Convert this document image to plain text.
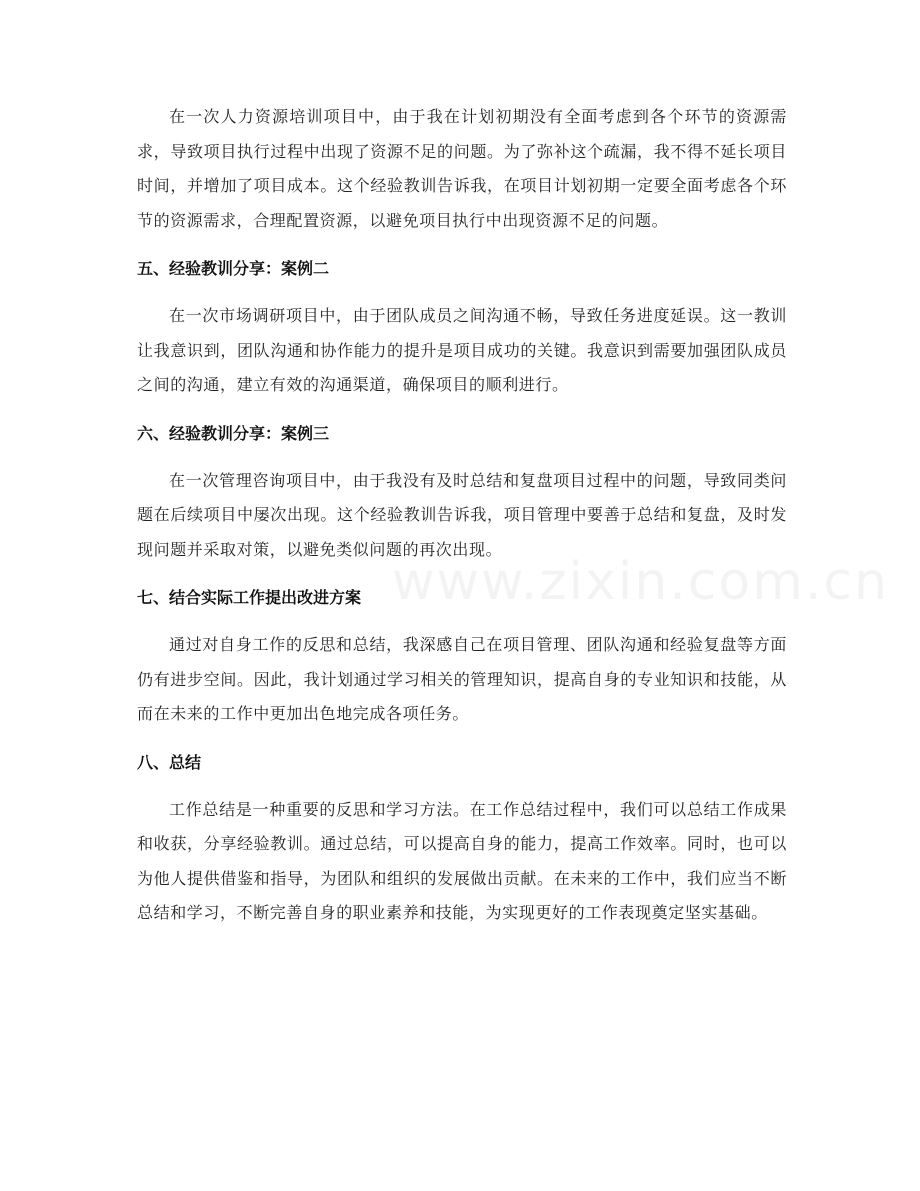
在一次人力资源培训项目中，由于我在计划初期没有全面考虑到各个环节的资源需求，导致项目执行过程中出现了资源不足的问题。为了弥补这个疏漏，我不得不延长项目时间，并增加了项目成本。这个经验教训告诉我，在项目计划初期一定要全面考虑各个环节的资源需求，合理配置资源，以避免项目执行中出现资源不足的问题。

五、经验教训分享：案例二

在一次市场调研项目中，由于团队成员之间沟通不畅，导致任务进度延误。这一教训让我意识到，团队沟通和协作能力的提升是项目成功的关键。我意识到需要加强团队成员之间的沟通，建立有效的沟通渠道，确保项目的顺利进行。

六、经验教训分享：案例三

在一次管理咨询项目中，由于我没有及时总结和复盘项目过程中的问题，导致同类问题在后续项目中屡次出现。这个经验教训告诉我，项目管理中要善于总结和复盘，及时发现问题并采取对策，以避免类似问题的再次出现。

七、结合实际工作提出改进方案

通过对自身工作的反思和总结，我深感自己在项目管理、团队沟通和经验复盘等方面仍有进步空间。因此，我计划通过学习相关的管理知识，提高自身的专业知识和技能，从而在未来的工作中更加出色地完成各项任务。

八、总结

工作总结是一种重要的反思和学习方法。在工作总结过程中，我们可以总结工作成果和收获，分享经验教训。通过总结，可以提高自身的能力，提高工作效率。同时，也可以为他人提供借鉴和指导，为团队和组织的发展做出贡献。在未来的工作中，我们应当不断总结和学习，不断完善自身的职业素养和技能，为实现更好的工作表现奠定坚实基础。
